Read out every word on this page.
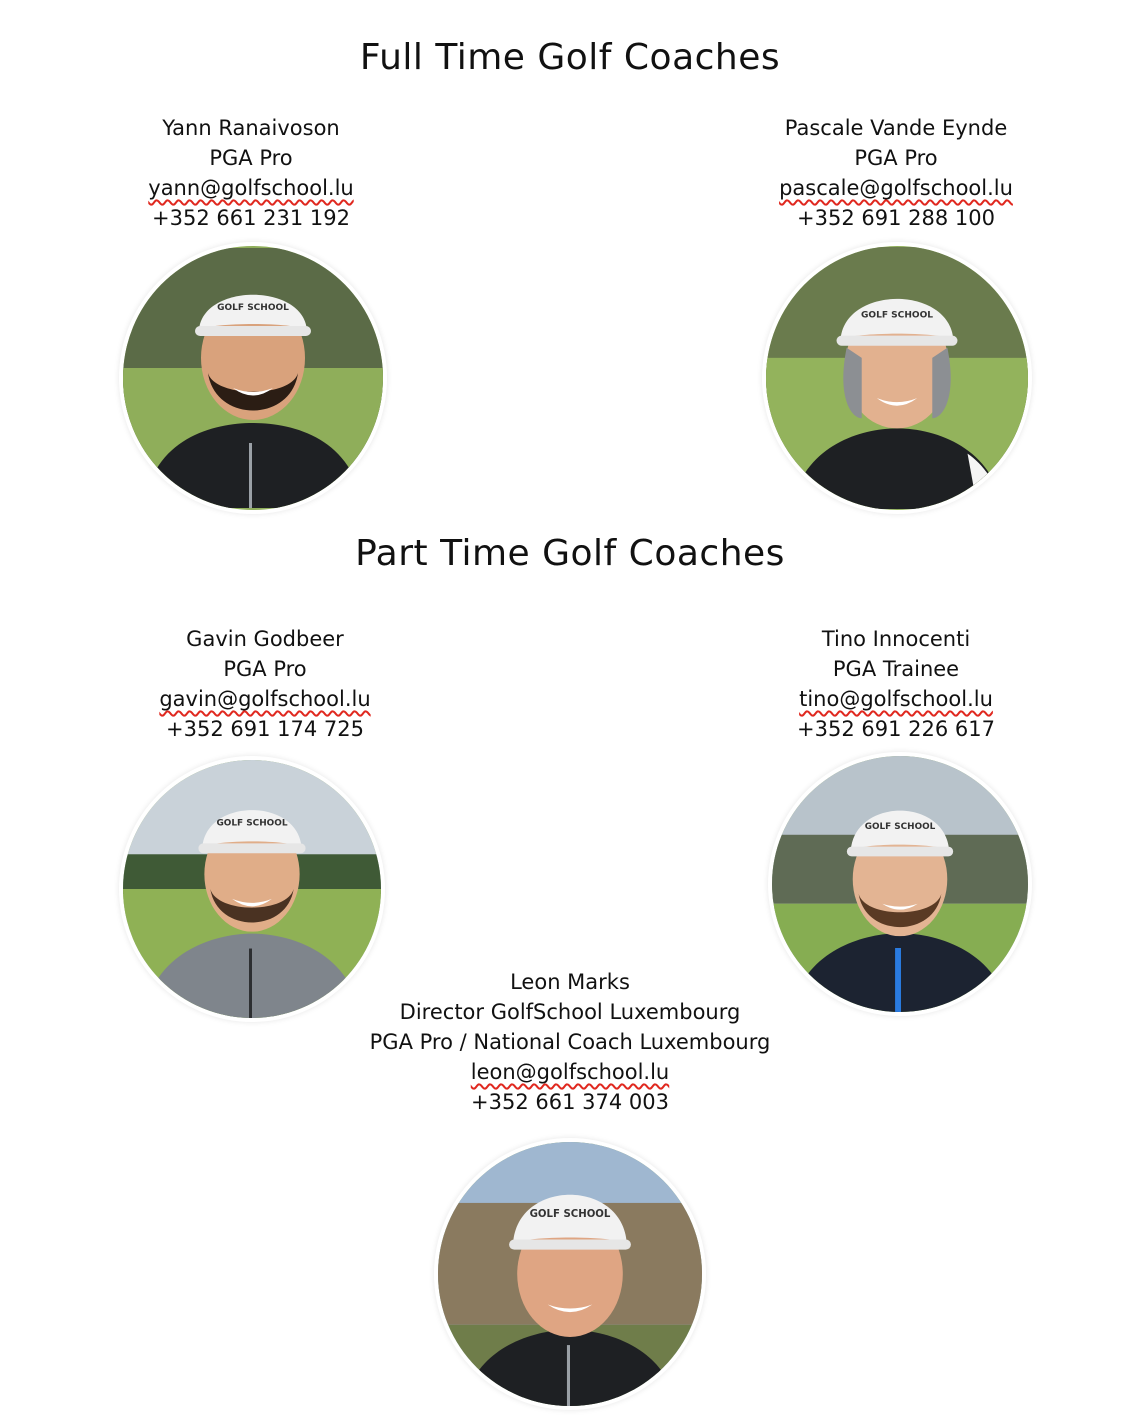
Full Time Golf Coaches
Part Time Golf Coaches
Yann Ranaivoson
PGA Pro
yann@golfschool.lu
+352 661 231 192
Pascale Vande Eynde
PGA Pro
pascale@golfschool.lu
+352 691 288 100
Gavin Godbeer
PGA Pro
gavin@golfschool.lu
+352 691 174 725
Tino Innocenti
PGA Trainee
tino@golfschool.lu
+352 691 226 617
Leon Marks
Director GolfSchool Luxembourg
PGA Pro / National Coach Luxembourg
leon@golfschool.lu
+352 661 374 003
GOLF SCHOOL
GOLF SCHOOL
GOLF SCHOOL	GOLF SCHOOL
GOLF SCHOOL
